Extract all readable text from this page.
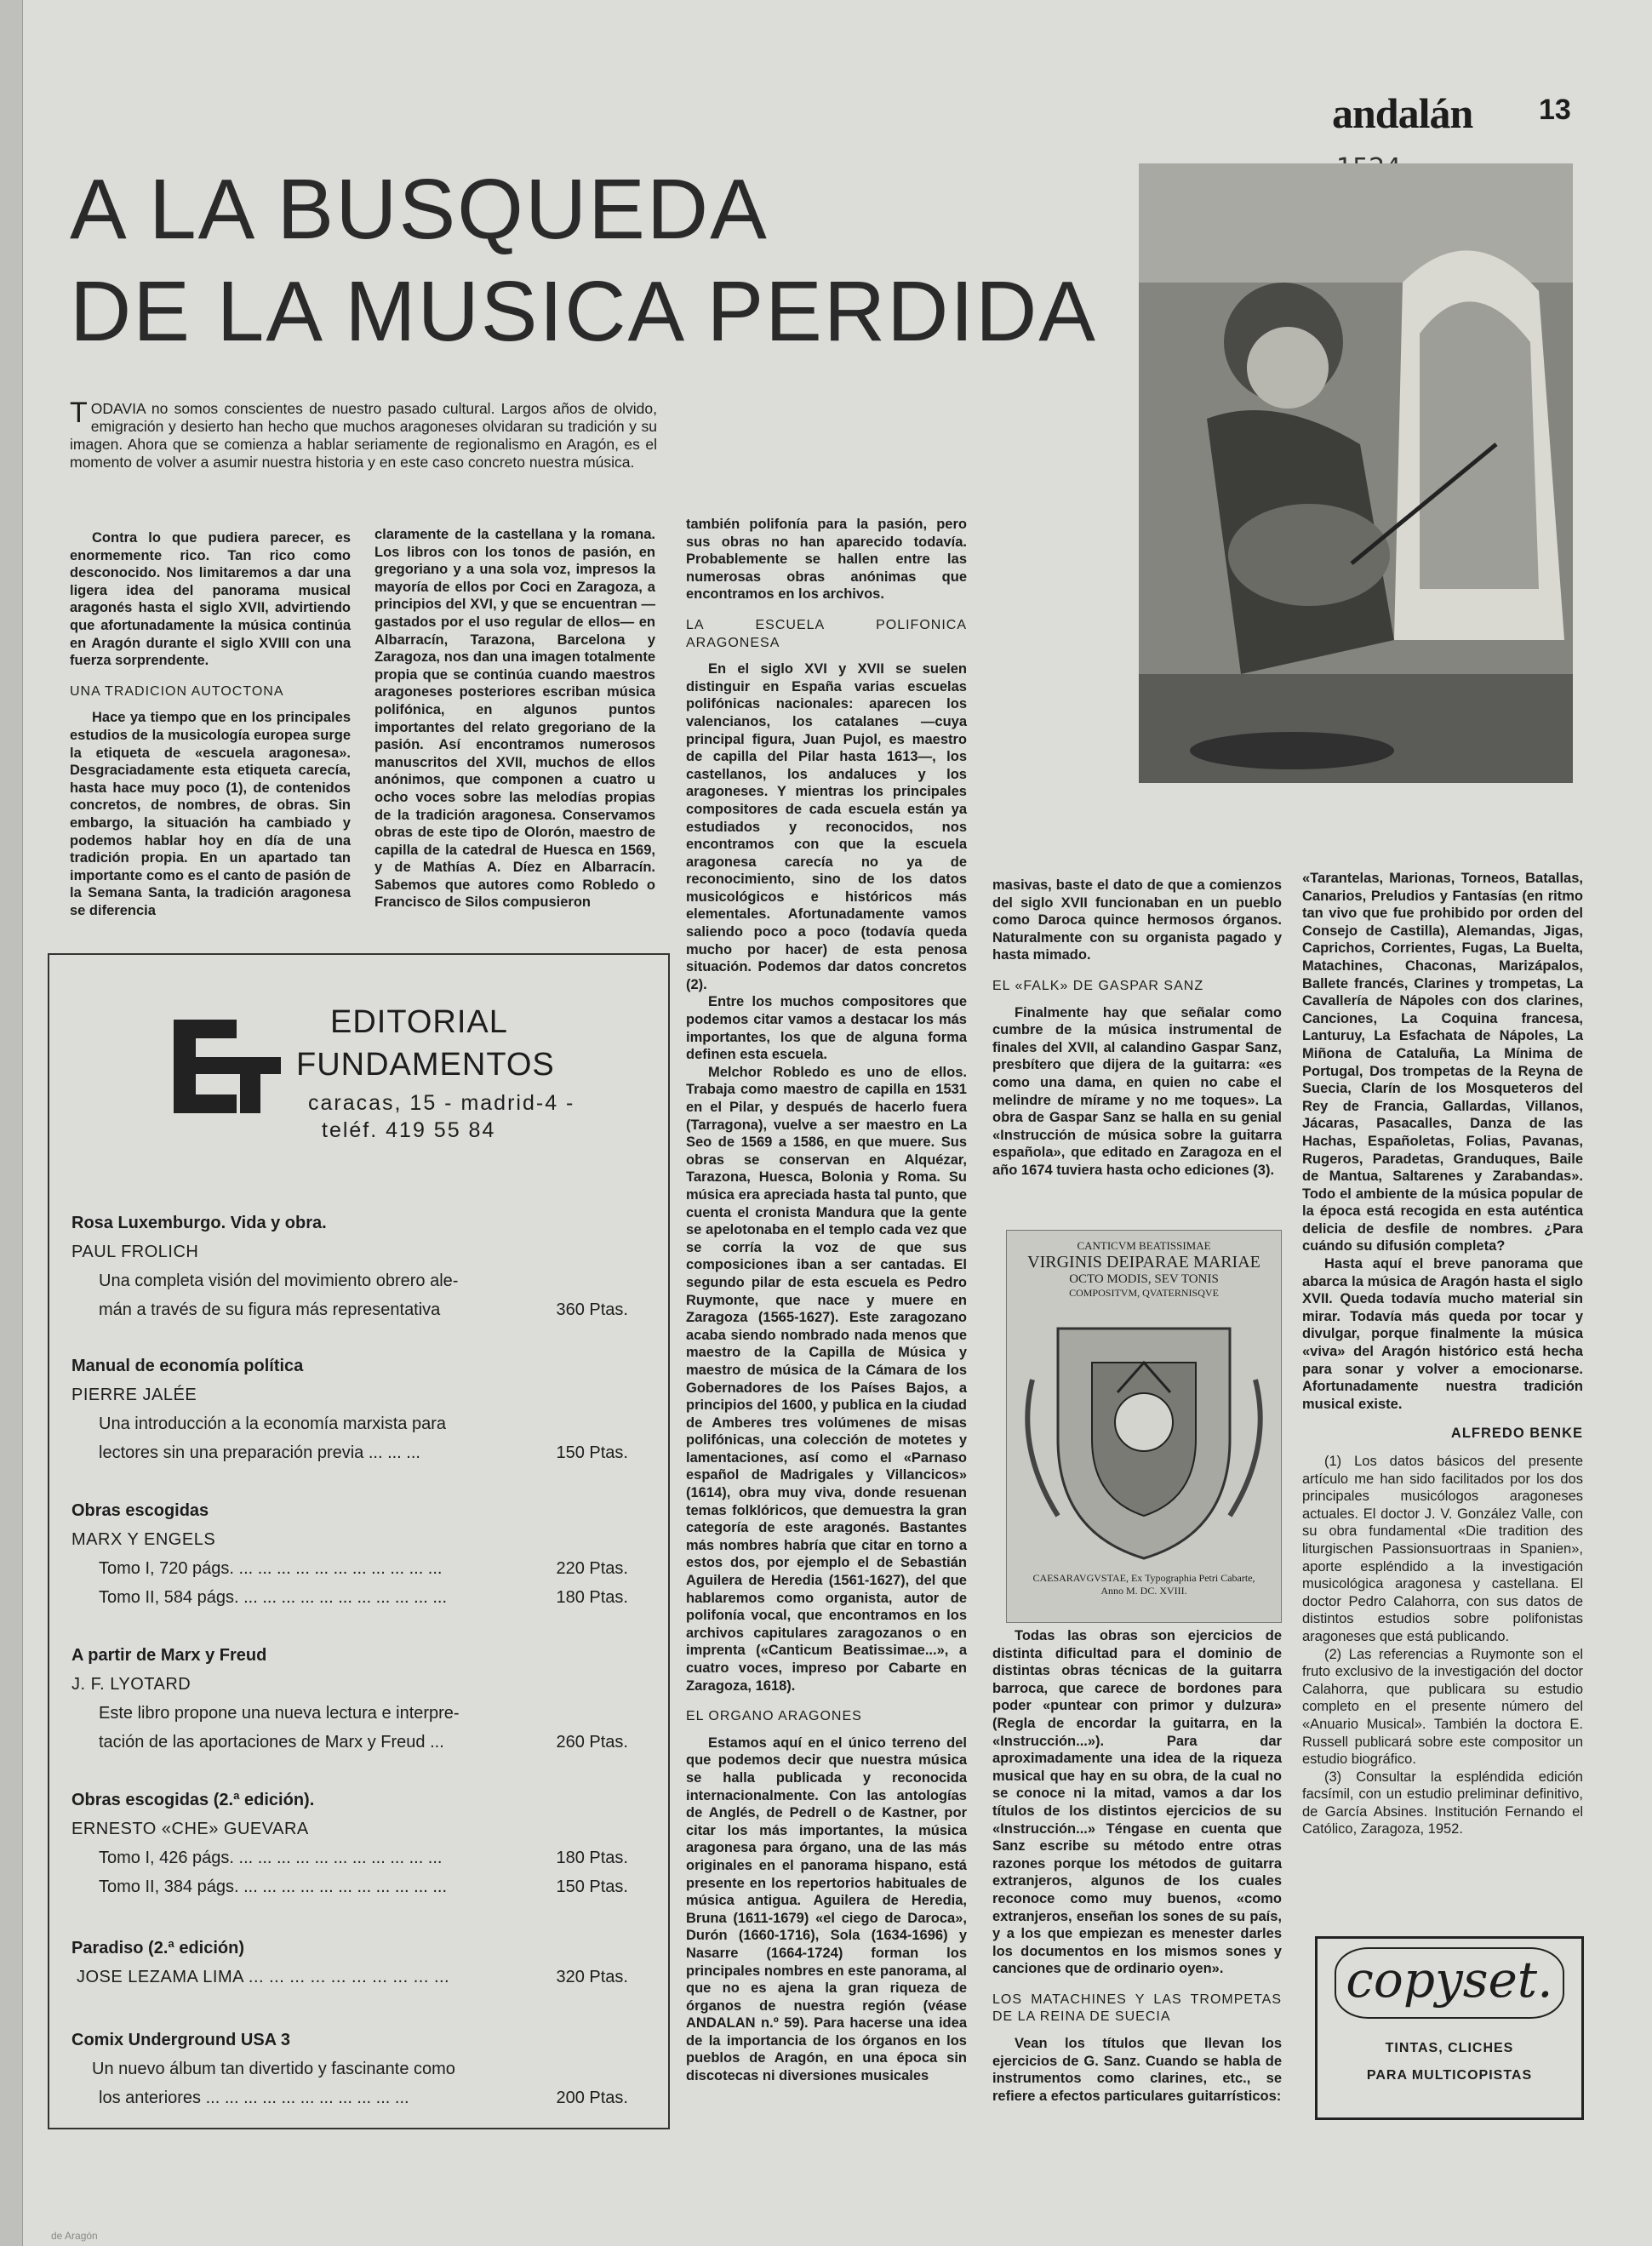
andalán 13
A LA BUSQUEDA
DE LA MUSICA PERDIDA
TODAVIA no somos conscientes de nuestro pasado cultural. Largos años de olvido, emigración y desierto han hecho que muchos aragoneses olvidaran su tradición y su imagen. Ahora que se comienza a hablar seriamente de regionalismo en Aragón, es el momento de volver a asumir nuestra historia y en este caso concreto nuestra música.

Contra lo que pudiera parecer, es enormemente rico. Tan rico como desconocido. Nos limitaremos a dar una ligera idea del panorama musical aragonés hasta el siglo XVII, advirtiendo que afortunadamente la música continúa en Aragón durante el siglo XVIII con una fuerza sorprendente.

UNA TRADICION AUTOCTONA

Hace ya tiempo que en los principales estudios de la musicología europea surge la etiqueta de «escuela aragonesa». Desgraciadamente esta etiqueta carecía, hasta hace muy poco (1), de contenidos concretos, de nombres, de obras. Sin embargo, la situación ha cambiado y podemos hablar hoy en día de una tradición propia. En un apartado tan importante como es el canto de pasión de la Semana Santa, la tradición aragonesa se diferencia

claramente de la castellana y la romana. Los libros con los tonos de pasión, en gregoriano y a una sola voz, impresos la mayoría de ellos por Coci en Zaragoza, a principios del XVI, y que se encuentran —gastados por el uso regular de ellos— en Albarracín, Tarazona, Barcelona y Zaragoza, nos dan una imagen totalmente propia que se continúa cuando maestros aragoneses posteriores escriban música polifónica, en algunos puntos importantes del relato gregoriano de la pasión. Así encontramos numerosos manuscritos del XVII, muchos de ellos anónimos, que componen a cuatro u ocho voces sobre las melodías propias de la tradición aragonesa. Conservamos obras de este tipo de Olorón, maestro de capilla de la catedral de Huesca en 1569, y de Mathías A. Díez en Albarracín. Sabemos que autores como Robledo o Francisco de Silos compusieron

también polifonía para la pasión, pero sus obras no han aparecido todavía. Probablemente se hallen entre las numerosas obras anónimas que encontramos en los archivos.

LA ESCUELA POLIFONICA ARAGONESA

En el siglo XVI y XVII se suelen distinguir en España varias escuelas polifónicas nacionales: aparecen los valencianos, los catalanes —cuya principal figura, Juan Pujol, es maestro de capilla del Pilar hasta 1613—, los castellanos, los andaluces y los aragoneses. Y mientras los principales compositores de cada escuela están ya estudiados y reconocidos, nos encontramos con que la escuela aragonesa carecía no ya de reconocimiento, sino de los datos musicológicos e históricos más elementales. Afortunadamente vamos saliendo poco a poco (todavía queda mucho por hacer) de esta penosa situación. Podemos dar datos concretos (2).

Entre los muchos compositores que podemos citar vamos a destacar los más importantes, los que de alguna forma definen esta escuela.

Melchor Robledo es uno de ellos. Trabaja como maestro de capilla en 1531 en el Pilar, y después de hacerlo fuera (Tarragona), vuelve a ser maestro en La Seo de 1569 a 1586, en que muere. Sus obras se conservan en Alquézar, Tarazona, Huesca, Bolonia y Roma. Su música era apreciada hasta tal punto, que cuenta el cronista Mandura que la gente se apelotonaba en el templo cada vez que se corría la voz de que sus composiciones iban a ser cantadas. El segundo pilar de esta escuela es Pedro Ruymonte, que nace y muere en Zaragoza (1565-1627). Este zaragozano acaba siendo nombrado nada menos que maestro de la Capilla de Música y maestro de música de la Cámara de los Gobernadores de los Países Bajos, a principios del 1600, y publica en la ciudad de Amberes tres volúmenes de misas polifónicas, una colección de motetes y lamentaciones, así como el «Parnaso español de Madrigales y Villancicos» (1614), obra muy viva, donde resuenan temas folklóricos, que demuestra la gran categoría de este aragonés. Bastantes más nombres habría que citar en torno a estos dos, por ejemplo el de Sebastián Aguilera de Heredia (1561-1627), del que hablaremos como organista, autor de polifonía vocal, que encontramos en los archivos capitulares zaragozanos o en imprenta («Canticum Beatissimae...», a cuatro voces, impreso por Cabarte en Zaragoza, 1618).

EL ORGANO ARAGONES

Estamos aquí en el único terreno del que podemos decir que nuestra música se halla publicada y reconocida internacionalmente. Con las antologías de Anglés, de Pedrell o de Kastner, por citar los más importantes, la música aragonesa para órgano, una de las más originales en el panorama hispano, está presente en los repertorios habituales de música antigua. Aguilera de Heredia, Bruna (1611-1679) «el ciego de Daroca», Durón (1660-1716), Sola (1634-1696) y Nasarre (1664-1724) forman los principales nombres en este panorama, al que no es ajena la gran riqueza de órganos de nuestra región (véase ANDALAN n.º 59). Para hacerse una idea de la importancia de los órganos en los pueblos de Aragón, en una época sin discotecas ni diversiones musicales

masivas, baste el dato de que a comienzos del siglo XVII funcionaban en un pueblo como Daroca quince hermosos órganos. Naturalmente con su organista pagado y hasta mimado.

EL «FALK» DE GASPAR SANZ

Finalmente hay que señalar como cumbre de la música instrumental de finales del XVII, al calandino Gaspar Sanz, presbítero que dijera de la guitarra: «es como una dama, en quien no cabe el melindre de mírame y no me toques». La obra de Gaspar Sanz se halla en su genial «Instrucción de música sobre la guitarra española», que editado en Zaragoza en el año 1674 tuviera hasta ocho ediciones (3).

CANTICVM BEATISSIMAE
VIRGINIS DEIPARAE MARIAE
OCTO MODIS, SEV TONIS
COMPOSITVM, QVATERNISQVE
CAESARAVGVSTAE, Ex Typographia Petri Cabarte,
Anno M. DC. XVIII.

Todas las obras son ejercicios de distinta dificultad para el dominio de distintas obras técnicas de la guitarra barroca, que carece de bordones para poder «puntear con primor y dulzura» (Regla de encordar la guitarra, en la «Instrucción...»). Para dar aproximadamente una idea de la riqueza musical que hay en su obra, de la cual no se conoce ni la mitad, vamos a dar los títulos de los distintos ejercicios de su «Instrucción...» Téngase en cuenta que Sanz escribe su método entre otras razones porque los métodos de guitarra extranjeros, algunos de los cuales reconoce como muy buenos, «como extranjeros, enseñan los sones de su país, y a los que empiezan es menester darles los documentos en los mismos sones y canciones que de ordinario oyen».

LOS MATACHINES Y LAS TROMPETAS DE LA REINA DE SUECIA

Vean los títulos que llevan los ejercicios de G. Sanz. Cuando se habla de instrumentos como clarines, etc., se refiere a efectos particulares guitarrísticos:

«Tarantelas, Marionas, Torneos, Batallas, Canarios, Preludios y Fantasías (en ritmo tan vivo que fue prohibido por orden del Consejo de Castilla), Alemandas, Jigas, Caprichos, Corrientes, Fugas, La Buelta, Matachines, Chaconas, Marizápalos, Ballete francés, Clarines y trompetas, La Cavallería de Nápoles con dos clarines, Canciones, La Coquina francesa, Lanturuy, La Esfachata de Nápoles, La Miñona de Cataluña, La Mínima de Portugal, Dos trompetas de la Reyna de Suecia, Clarín de los Mosqueteros del Rey de Francia, Gallardas, Villanos, Jácaras, Pasacalles, Danza de las Hachas, Españoletas, Folias, Pavanas, Rugeros, Paradetas, Granduques, Baile de Mantua, Saltarenes y Zarabandas». Todo el ambiente de la música popular de la época está recogida en esta auténtica delicia de desfile de nombres. ¿Para cuándo su difusión completa?

Hasta aquí el breve panorama que abarca la música de Aragón hasta el siglo XVII. Queda todavía mucho material sin mirar. Todavía más queda por tocar y divulgar, porque finalmente la música «viva» del Aragón histórico está hecha para sonar y volver a emocionarse. Afortunadamente nuestra tradición musical existe.

ALFREDO BENKE

(1) Los datos básicos del presente artículo me han sido facilitados por los dos principales musicólogos aragoneses actuales. El doctor J. V. González Valle, con su obra fundamental «Die tradition des liturgischen Passionsuortraas in Spanien», aporte espléndido a la investigación musicológica aragonesa y castellana. El doctor Pedro Calahorra, con sus datos de distintos estudios sobre polifonistas aragoneses que está publicando.

(2) Las referencias a Ruymonte son el fruto exclusivo de la investigación del doctor Calahorra, que publicara su estudio completo en el presente número del «Anuario Musical». También la doctora E. Russell publicará sobre este compositor un estudio biográfico.

(3) Consultar la espléndida edición facsímil, con un estudio preliminar definitivo, de García Absines. Institución Fernando el Católico, Zaragoza, 1952.

copyset.
TINTAS, CLICHES
PARA MULTICOPISTAS
EDITORIAL
FUNDAMENTOS
caracas, 15 - madrid-4 -
teléf. 419 55 84
Rosa Luxemburgo. Vida y obra.
PAUL FROLICH
Una completa visión del movimiento obrero ale-
mán a través de su figura más representativa	360 Ptas.
Manual de economía política
PIERRE JALÉE
Una introducción a la economía marxista para
lectores sin una preparación previa ... ... ...	150 Ptas.
Obras escogidas
MARX Y ENGELS
Tomo I, 720 págs. ... ... ... ... ... ... ... ... ... ... ...	220 Ptas.
Tomo II, 584 págs. ... ... ... ... ... ... ... ... ... ... ...	180 Ptas.
A partir de Marx y Freud
J. F. LYOTARD
Este libro propone una nueva lectura e interpre-
tación de las aportaciones de Marx y Freud ...	260 Ptas.
Obras escogidas (2.ª edición).
ERNESTO «CHE» GUEVARA
Tomo I, 426 págs. ... ... ... ... ... ... ... ... ... ... ...	180 Ptas.
Tomo II, 384 págs. ... ... ... ... ... ... ... ... ... ... ...	150 Ptas.
Paradiso (2.ª edición)
JOSE LEZAMA LIMA ... ... ... ... ... ... ... ... ... ...	320 Ptas.
Comix Underground USA 3
Un nuevo álbum tan divertido y fascinante como
los anteriores ... ... ... ... ... ... ... ... ... ... ...	200 Ptas.
de Aragón
